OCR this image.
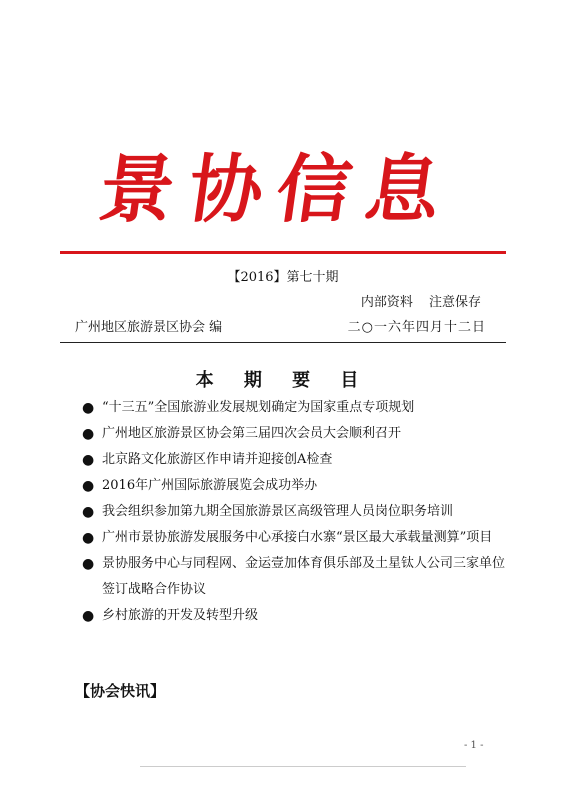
景 协 信 息
【2016】第七十期
内部资料 注意保存
广州地区旅游景区协会 编	二○一六年四月十二日
本 期 要 目
● “十三五”全国旅游业发展规划确定为国家重点专项规划
● 广州地区旅游景区协会第三届四次会员大会顺利召开
● 北京路文化旅游区作申请并迎接创A检查
● 2016年广州国际旅游展览会成功举办
● 我会组织参加第九期全国旅游景区高级管理人员岗位职务培训
● 广州市景协旅游发展服务中心承接白水寨“景区最大承载量测算”项目
● 景协服务中心与同程网、金运壹加体育俱乐部及土星钛人公司三家单位签订战略合作协议
● 乡村旅游的开发及转型升级
【协会快讯】
- 1 -
